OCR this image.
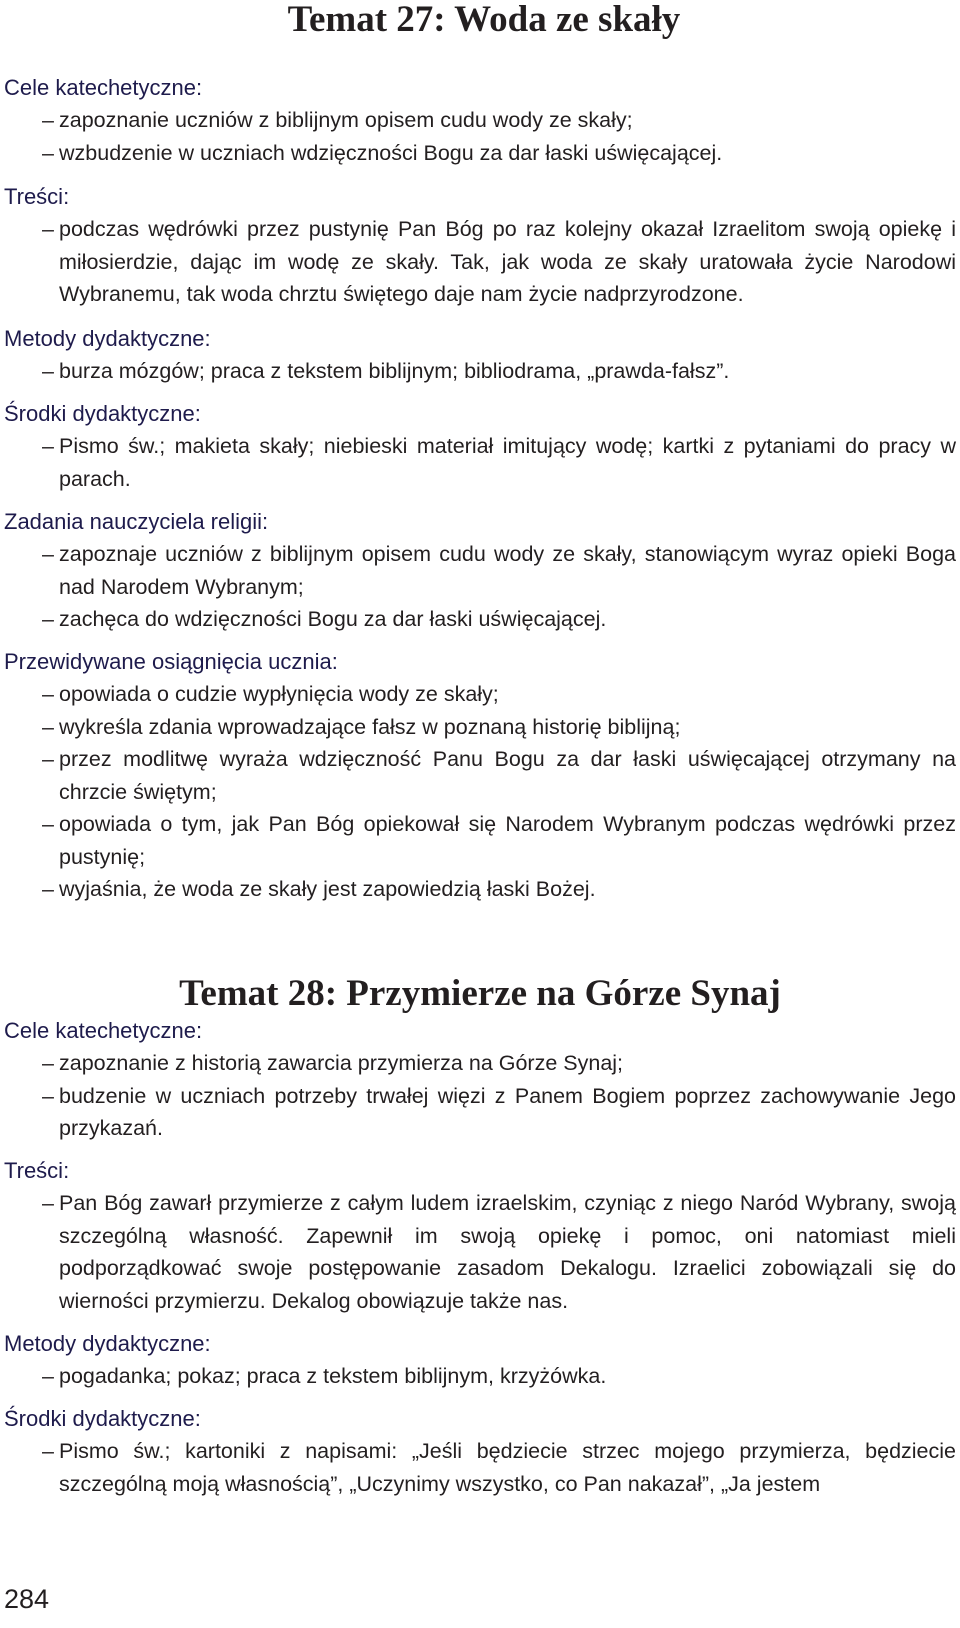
Temat 27: Woda ze skały

Cele katechetyczne:

– zapoznanie uczniów z biblijnym opisem cudu wody ze skały;

– wzbudzenie w uczniach wdzięczności Bogu za dar łaski uświęcającej.

Treści:

– podczas wędrówki przez pustynię Pan Bóg po raz kolejny okazał Izraelitom swoją opiekę i miłosierdzie, dając im wodę ze skały. Tak, jak woda ze skały uratowała życie Narodowi Wybranemu, tak woda chrztu świętego daje nam życie nadprzyrodzone.

Metody dydaktyczne:

– burza mózgów; praca z tekstem biblijnym; bibliodrama, „prawda-fałsz”.

Środki dydaktyczne:

– Pismo św.; makieta skały; niebieski materiał imitujący wodę; kartki z pytaniami do pracy w parach.

Zadania nauczyciela religii:

– zapoznaje uczniów z biblijnym opisem cudu wody ze skały, stanowiącym wyraz opieki Boga nad Narodem Wybranym;

– zachęca do wdzięczności Bogu za dar łaski uświęcającej.

Przewidywane osiągnięcia ucznia:

– opowiada o cudzie wypłynięcia wody ze skały;

– wykreśla zdania wprowadzające fałsz w poznaną historię biblijną;

– przez modlitwę wyraża wdzięczność Panu Bogu za dar łaski uświęcającej otrzymany na chrzcie świętym;

– opowiada o tym, jak Pan Bóg opiekował się Narodem Wybranym podczas wędrówki przez pustynię;

– wyjaśnia, że woda ze skały jest zapowiedzią łaski Bożej.

Temat 28: Przymierze na Górze Synaj

Cele katechetyczne:

– zapoznanie z historią zawarcia przymierza na Górze Synaj;

– budzenie w uczniach potrzeby trwałej więzi z Panem Bogiem poprzez zachowywanie Jego przykazań.

Treści:

– Pan Bóg zawarł przymierze z całym ludem izraelskim, czyniąc z niego Naród Wybrany, swoją szczególną własność. Zapewnił im swoją opiekę i pomoc, oni natomiast mieli podporządkować swoje postępowanie zasadom Dekalogu. Izraelici zobowiązali się do wierności przymierzu. Dekalog obowiązuje także nas.

Metody dydaktyczne:

– pogadanka; pokaz; praca z tekstem biblijnym, krzyżówka.

Środki dydaktyczne:

– Pismo św.; kartoniki z napisami: „Jeśli będziecie strzec mojego przymierza, będziecie szczególną moją własnością”, „Uczynimy wszystko, co Pan nakazał”, „Ja jestem

284
